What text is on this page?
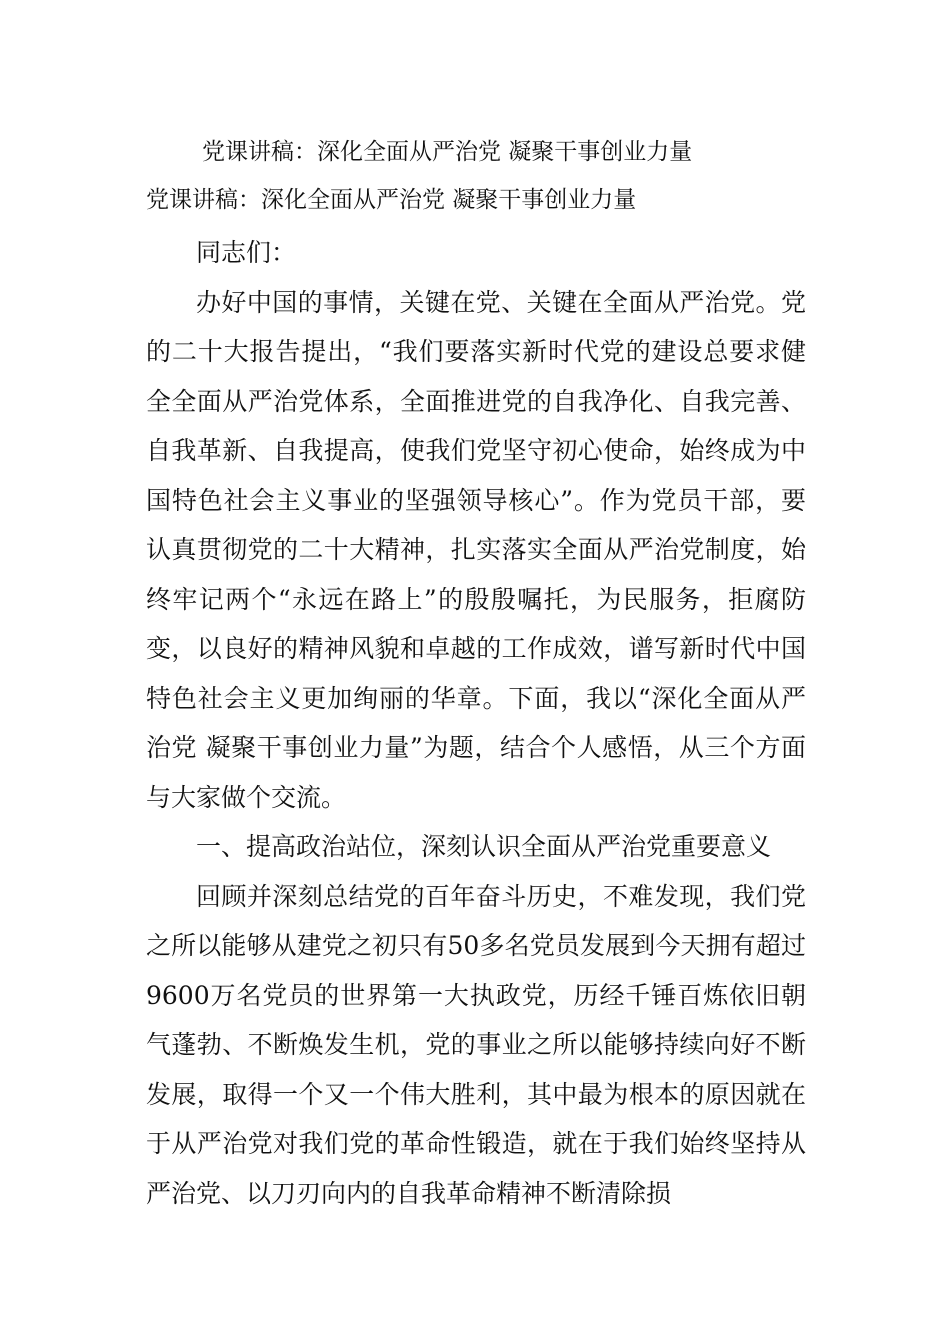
党课讲稿：深化全面从严治党 凝聚干事创业力量
党课讲稿：深化全面从严治党 凝聚干事创业力量

同志们：

办好中国的事情，关键在党、关键在全面从严治党。党的二十大报告提出，“我们要落实新时代党的建设总要求健全全面从严治党体系，全面推进党的自我净化、自我完善、自我革新、自我提高，使我们党坚守初心使命，始终成为中国特色社会主义事业的坚强领导核心”。作为党员干部，要认真贯彻党的二十大精神，扎实落实全面从严治党制度，始终牢记两个“永远在路上”的殷殷嘱托，为民服务，拒腐防变，以良好的精神风貌和卓越的工作成效，谱写新时代中国特色社会主义更加绚丽的华章。下面，我以“深化全面从严治党 凝聚干事创业力量”为题，结合个人感悟，从三个方面与大家做个交流。

一、提高政治站位，深刻认识全面从严治党重要意义

回顾并深刻总结党的百年奋斗历史，不难发现，我们党之所以能够从建党之初只有50多名党员发展到今天拥有超过9600万名党员的世界第一大执政党，历经千锤百炼依旧朝气蓬勃、不断焕发生机，党的事业之所以能够持续向好不断发展，取得一个又一个伟大胜利，其中最为根本的原因就在于从严治党对我们党的革命性锻造，就在于我们始终坚持从严治党、以刀刃向内的自我革命精神不断清除损
